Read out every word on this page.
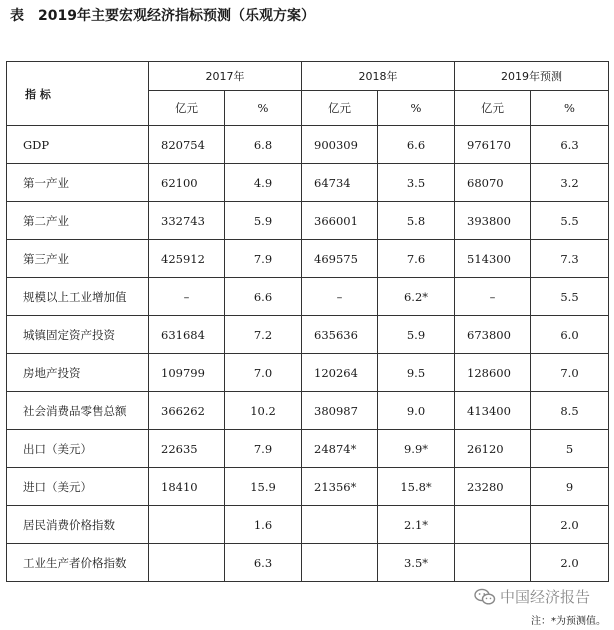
表 2019年主要宏观经济指标预测（乐观方案）
指 标	2017年		2018年		2019年预测	
	亿元	%	亿元	%	亿元	%
GDP	820754	6.8	900309	6.6	976170	6.3
第一产业	62100	4.9	64734	3.5	68070	3.2
第二产业	332743	5.9	366001	5.8	393800	5.5
第三产业	425912	7.9	469575	7.6	514300	7.3
规模以上工业增加值	–	6.6	–	6.2*	–	5.5
城镇固定资产投资	631684	7.2	635636	5.9	673800	6.0
房地产投资	109799	7.0	120264	9.5	128600	7.0
社会消费品零售总额	366262	10.2	380987	9.0	413400	8.5
出口（美元）	22635	7.9	24874*	9.9*	26120	5
进口（美元）	18410	15.9	21356*	15.8*	23280	9
居民消费价格指数		1.6		2.1*		2.0
工业生产者价格指数		6.3		3.5*		2.0
中国经济报告
注：*为预测值。
